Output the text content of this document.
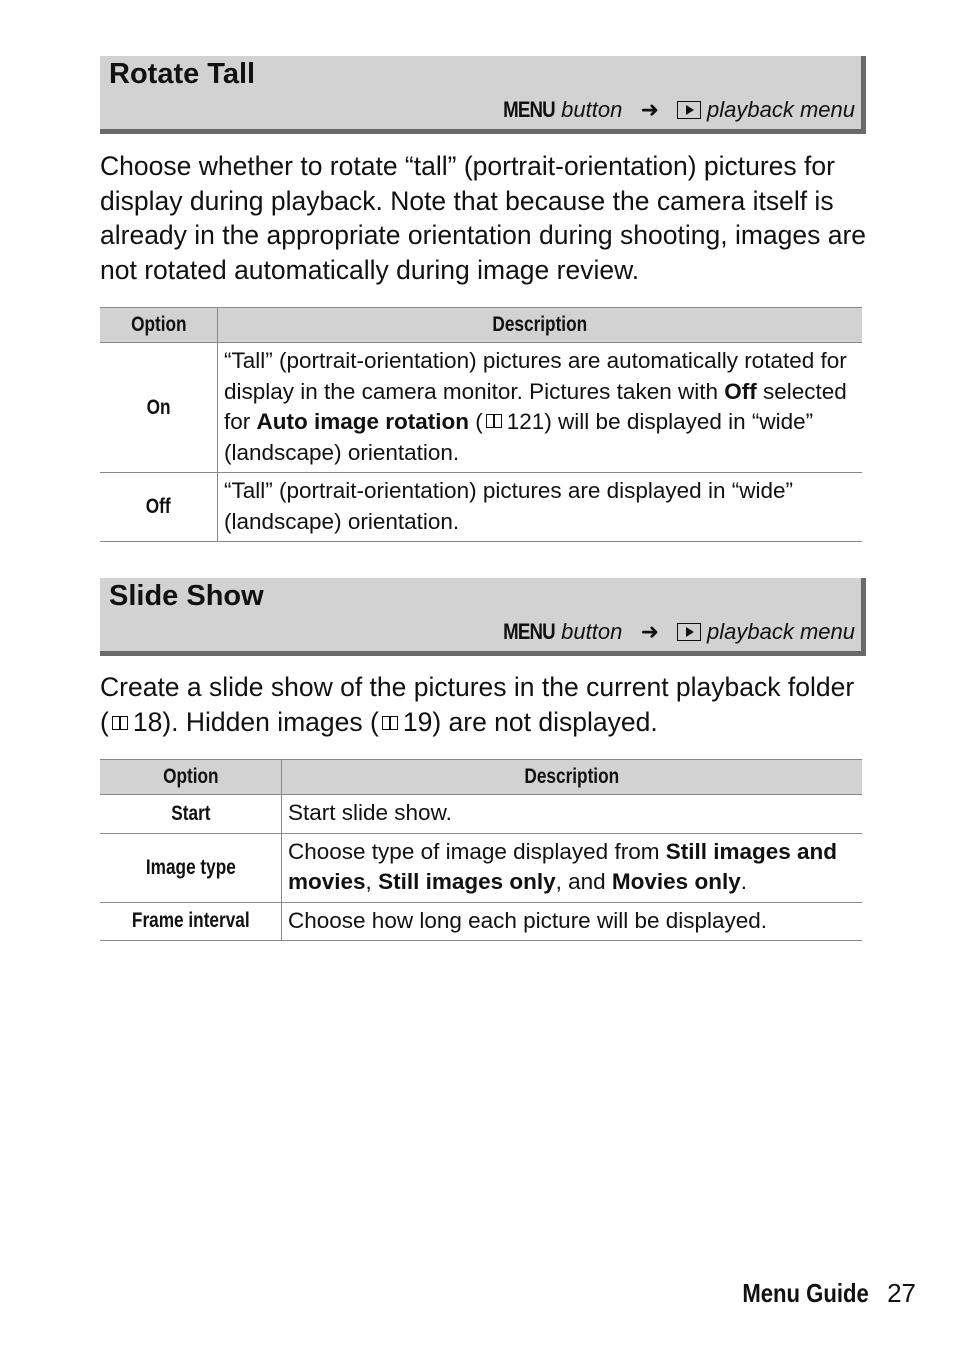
Rotate Tall
MENU button ➜ playback menu

Choose whether to rotate “tall” (portrait-orientation) pictures for display during playback. Note that because the camera itself is already in the appropriate orientation during shooting, images are not rotated automatically during image review.

Option	Description
On	“Tall” (portrait-orientation) pictures are automatically rotated for display in the camera monitor. Pictures taken with Off selected for Auto image rotation ( 121) will be displayed in “wide” (landscape) orientation.
Off	“Tall” (portrait-orientation) pictures are displayed in “wide” (landscape) orientation.
Slide Show
MENU button ➜ playback menu

Create a slide show of the pictures in the current playback folder ( 18). Hidden images ( 19) are not displayed.

Option	Description
Start	Start slide show.
Image type	Choose type of image displayed from Still images and movies, Still images only, and Movies only.
Frame interval	Choose how long each picture will be displayed.
Menu Guide 27
